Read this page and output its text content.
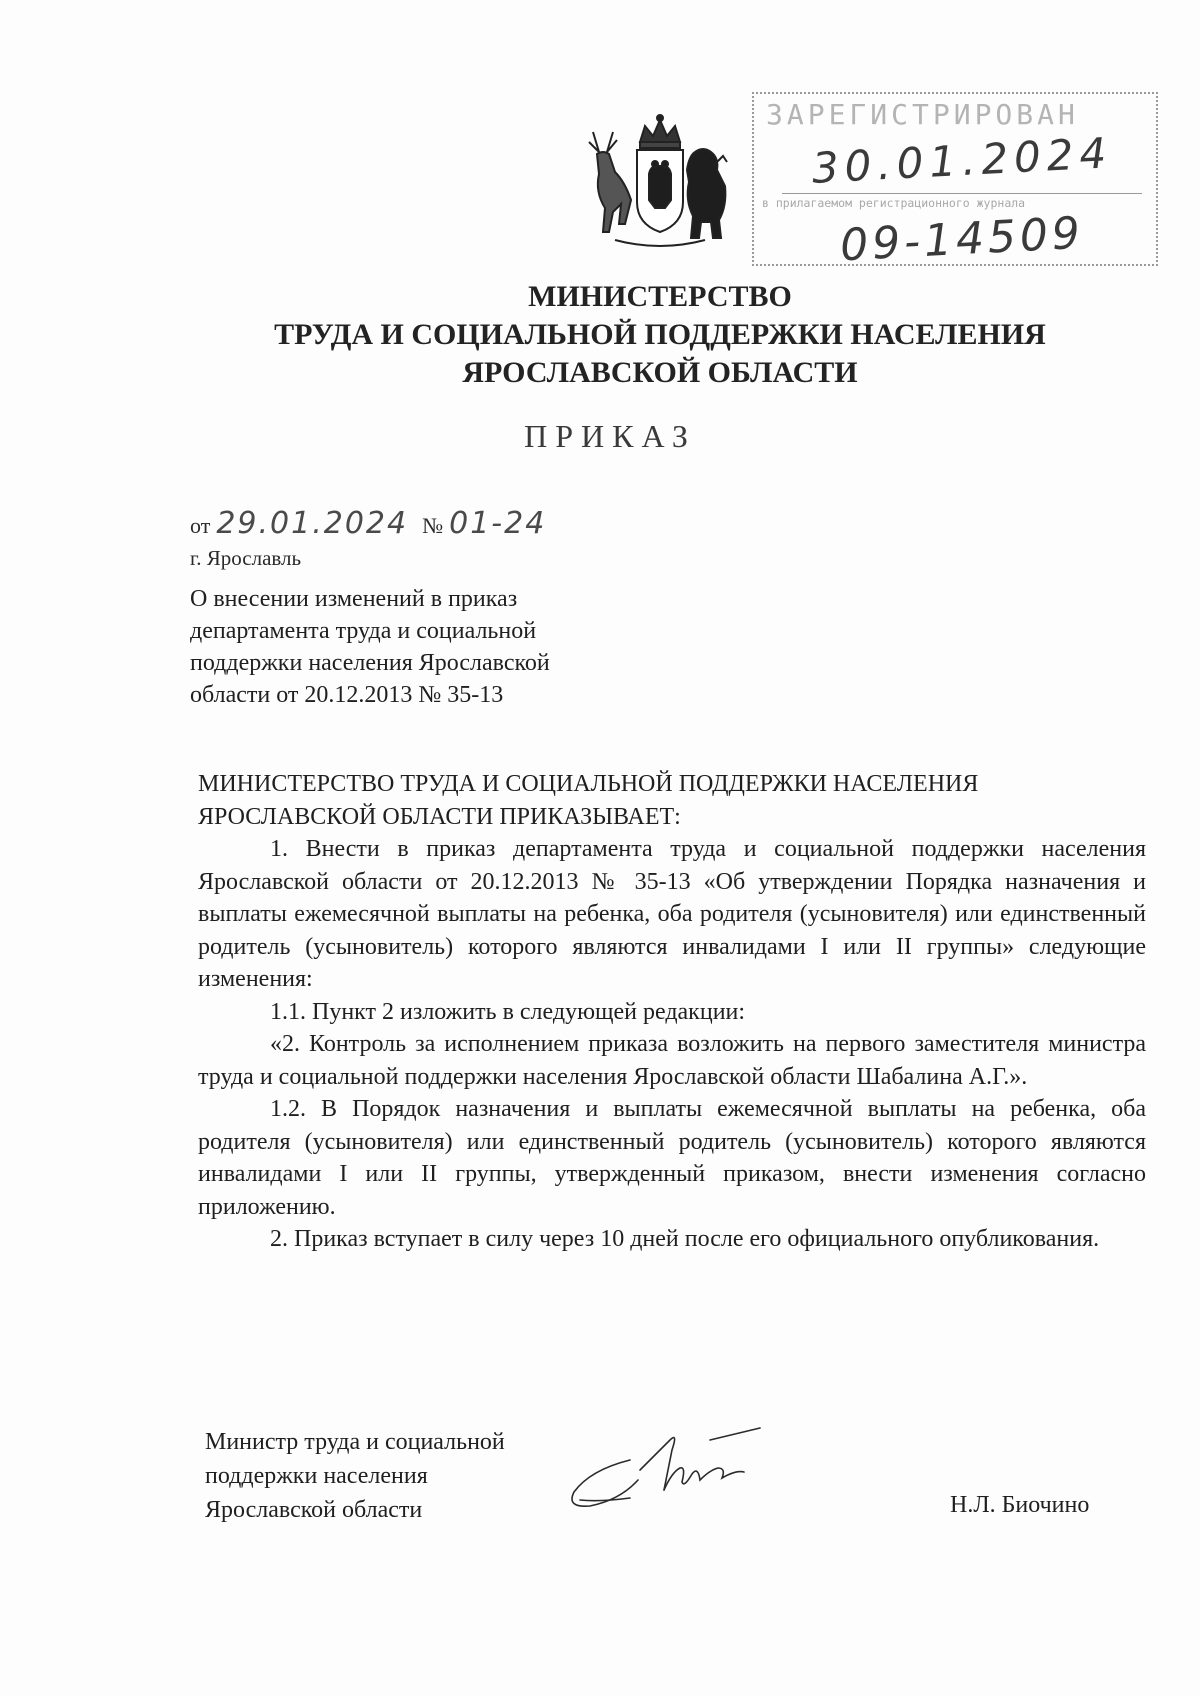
ЗАРЕГИСТРИРОВАН
30.01.2024
в прилагаемом регистрационного журнала
09-14509
МИНИСТЕРСТВО
ТРУДА И СОЦИАЛЬНОЙ ПОДДЕРЖКИ НАСЕЛЕНИЯ
ЯРОСЛАВСКОЙ ОБЛАСТИ
ПРИКАЗ
от 29.01.2024 № 01-24
г. Ярославль
О внесении изменений в приказ
департамента труда и социальной
поддержки населения Ярославской
области от 20.12.2013 № 35-13

МИНИСТЕРСТВО ТРУДА И СОЦИАЛЬНОЙ ПОДДЕРЖКИ НАСЕЛЕНИЯ ЯРОСЛАВСКОЙ ОБЛАСТИ ПРИКАЗЫВАЕТ:

1. Внести в приказ департамента труда и социальной поддержки населения Ярославской области от 20.12.2013 № 35-13 «Об утверждении Порядка назначения и выплаты ежемесячной выплаты на ребенка, оба родителя (усыновителя) или единственный родитель (усыновитель) которого являются инвалидами I или II группы» следующие изменения:

1.1. Пункт 2 изложить в следующей редакции:

«2. Контроль за исполнением приказа возложить на первого заместителя министра труда и социальной поддержки населения Ярославской области Шабалина А.Г.».

1.2. В Порядок назначения и выплаты ежемесячной выплаты на ребенка, оба родителя (усыновителя) или единственный родитель (усыновитель) которого являются инвалидами I или II группы, утвержденный приказом, внести изменения согласно приложению.

2. Приказ вступает в силу через 10 дней после его официального опубликования.

Министр труда и социальной
поддержки населения
Ярославской области	Н.Л. Биочино
